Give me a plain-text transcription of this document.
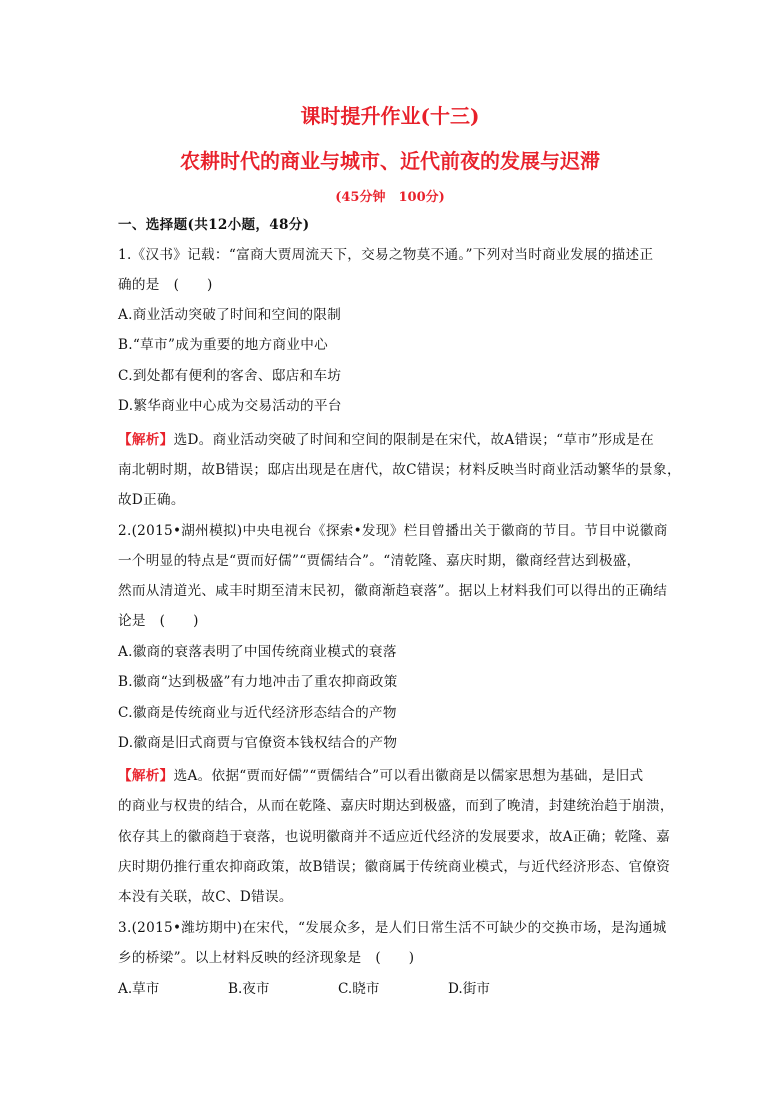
课时提升作业(十三)
农耕时代的商业与城市、近代前夜的发展与迟滞
(45分钟　100分)
一、选择题(共12小题，48分)
1.《汉书》记载：“富商大贾周流天下，交易之物莫不通。”下列对当时商业发展的描述正
确的是　(　　)
A.商业活动突破了时间和空间的限制
B.“草市”成为重要的地方商业中心
C.到处都有便利的客舍、邸店和车坊
D.繁华商业中心成为交易活动的平台
【解析】选D。商业活动突破了时间和空间的限制是在宋代，故A错误；“草市”形成是在
南北朝时期，故B错误；邸店出现是在唐代，故C错误；材料反映当时商业活动繁华的景象，
故D正确。
2.(2015•湖州模拟)中央电视台《探索•发现》栏目曾播出关于徽商的节目。节目中说徽商
一个明显的特点是“贾而好儒”“贾儒结合”。“清乾隆、嘉庆时期，徽商经营达到极盛，
然而从清道光、咸丰时期至清末民初，徽商渐趋衰落”。据以上材料我们可以得出的正确结
论是　(　　)
A.徽商的衰落表明了中国传统商业模式的衰落
B.徽商“达到极盛”有力地冲击了重农抑商政策
C.徽商是传统商业与近代经济形态结合的产物
D.徽商是旧式商贾与官僚资本钱权结合的产物
【解析】选A。依据“贾而好儒”“贾儒结合”可以看出徽商是以儒家思想为基础，是旧式
的商业与权贵的结合，从而在乾隆、嘉庆时期达到极盛，而到了晚清，封建统治趋于崩溃，
依存其上的徽商趋于衰落，也说明徽商并不适应近代经济的发展要求，故A正确；乾隆、嘉
庆时期仍推行重农抑商政策，故B错误；徽商属于传统商业模式，与近代经济形态、官僚资
本没有关联，故C、D错误。
3.(2015•潍坊期中)在宋代，“发展众多，是人们日常生活不可缺少的交换市场，是沟通城
乡的桥梁”。以上材料反映的经济现象是　(　　)
A.草市	B.夜市	C.晓市	D.街市
